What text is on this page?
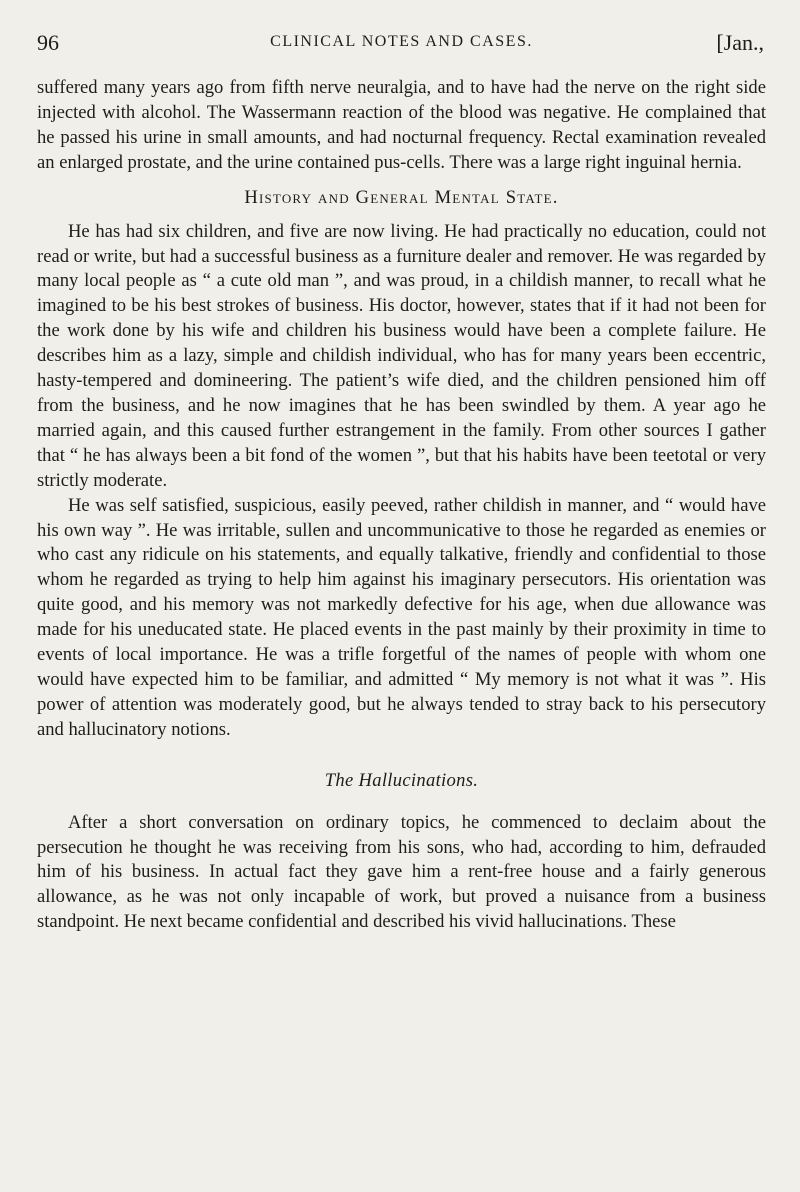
96	CLINICAL NOTES AND CASES.	[Jan.,

suffered many years ago from fifth nerve neuralgia, and to have had the nerve on the right side injected with alcohol. The Wassermann reaction of the blood was negative. He complained that he passed his urine in small amounts, and had nocturnal frequency. Rectal examination revealed an enlarged prostate, and the urine contained pus-cells. There was a large right inguinal hernia.

History and General Mental State.

He has had six children, and five are now living. He had practically no education, could not read or write, but had a successful business as a furniture dealer and remover. He was regarded by many local people as “ a cute old man ”, and was proud, in a childish manner, to recall what he imagined to be his best strokes of business. His doctor, however, states that if it had not been for the work done by his wife and children his business would have been a complete failure. He describes him as a lazy, simple and childish individual, who has for many years been eccentric, hasty-tempered and domineering. The patient’s wife died, and the children pensioned him off from the business, and he now imagines that he has been swindled by them. A year ago he married again, and this caused further estrangement in the family. From other sources I gather that “ he has always been a bit fond of the women ”, but that his habits have been teetotal or very strictly moderate.

He was self satisfied, suspicious, easily peeved, rather childish in manner, and “ would have his own way ”. He was irritable, sullen and uncommunicative to those he regarded as enemies or who cast any ridicule on his statements, and equally talkative, friendly and confidential to those whom he regarded as trying to help him against his imaginary persecutors. His orientation was quite good, and his memory was not markedly defective for his age, when due allowance was made for his uneducated state. He placed events in the past mainly by their proximity in time to events of local importance. He was a trifle forgetful of the names of people with whom one would have expected him to be familiar, and admitted “ My memory is not what it was ”. His power of attention was moderately good, but he always tended to stray back to his persecutory and hallucinatory notions.

The Hallucinations.

After a short conversation on ordinary topics, he commenced to declaim about the persecution he thought he was receiving from his sons, who had, according to him, defrauded him of his business. In actual fact they gave him a rent-free house and a fairly generous allowance, as he was not only incapable of work, but proved a nuisance from a business standpoint. He next became confidential and described his vivid hallucinations. These
